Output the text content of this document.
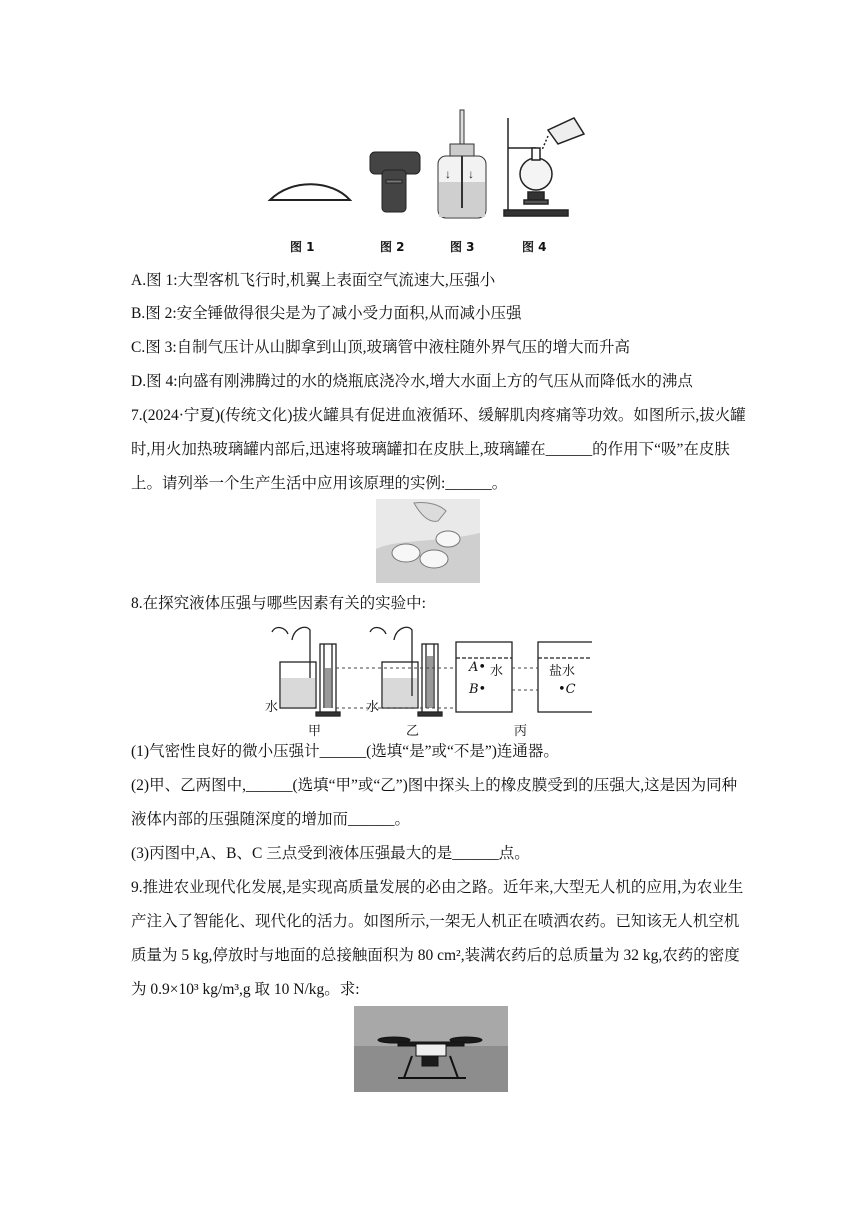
↓ ↓
图 1	图 2	图 3	图 4
A.图 1:大型客机飞行时,机翼上表面空气流速大,压强小
B.图 2:安全锤做得很尖是为了减小受力面积,从而减小压强
C.图 3:自制气压计从山脚拿到山顶,玻璃管中液柱随外界气压的增大而升高
D.图 4:向盛有刚沸腾过的水的烧瓶底浇冷水,增大水面上方的气压从而降低水的沸点
7.(2024·宁夏)(传统文化)拔火罐具有促进血液循环、缓解肌肉疼痛等功效。如图所示,拔火罐
时,用火加热玻璃罐内部后,迅速将玻璃罐扣在皮肤上,玻璃罐在______的作用下“吸”在皮肤
上。请列举一个生产生活中应用该原理的实例:______。
8.在探究液体压强与哪些因素有关的实验中:
水	水
甲	乙	丙
A• 水
B•
盐水
•C
(1)气密性良好的微小压强计______(选填“是”或“不是”)连通器。
(2)甲、乙两图中,______(选填“甲”或“乙”)图中探头上的橡皮膜受到的压强大,这是因为同种
液体内部的压强随深度的增加而______。
(3)丙图中,A、B、C 三点受到液体压强最大的是______点。
9.推进农业现代化发展,是实现高质量发展的必由之路。近年来,大型无人机的应用,为农业生
产注入了智能化、现代化的活力。如图所示,一架无人机正在喷洒农药。已知该无人机空机
质量为 5 kg,停放时与地面的总接触面积为 80 cm²,装满农药后的总质量为 32 kg,农药的密度
为 0.9×10³ kg/m³,g 取 10 N/kg。求:
